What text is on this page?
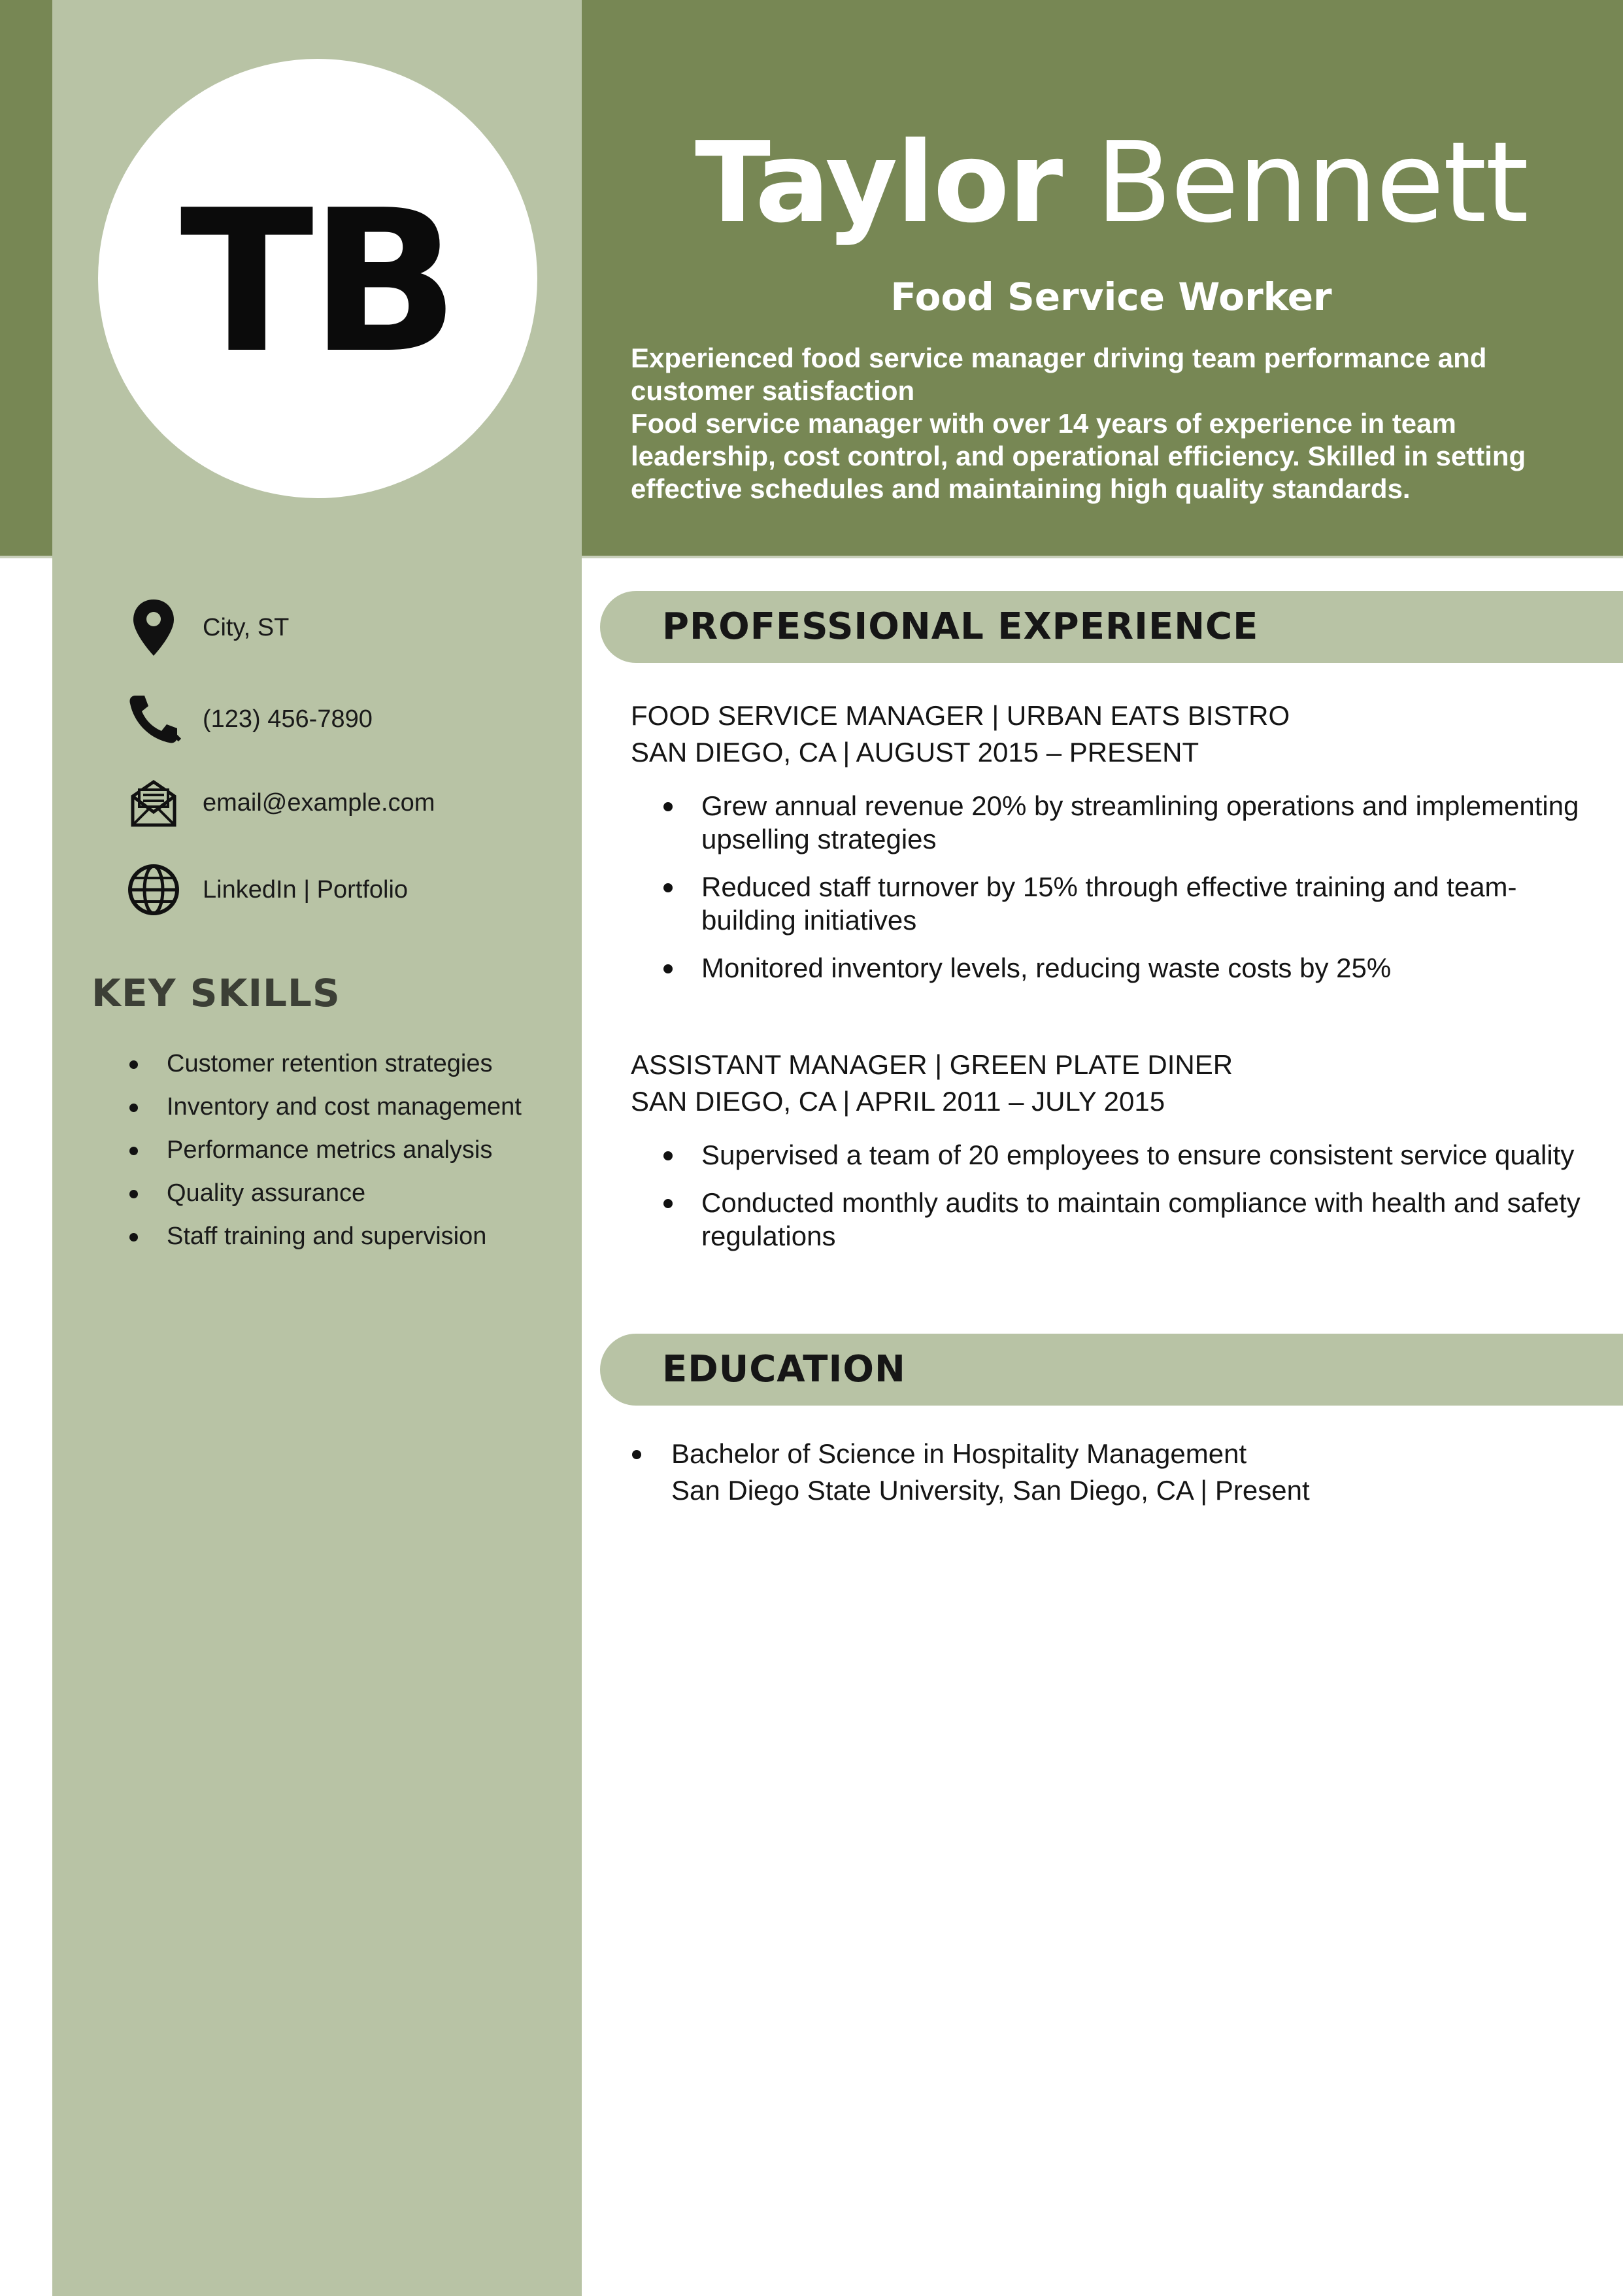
TB	Taylor Bennett
Food Service Worker
Experienced food service manager driving team performance and customer satisfaction
Food service manager with over 14 years of experience in team leadership, cost control, and operational efficiency. Skilled in setting effective schedules and maintaining high quality standards.
City, ST
(123) 456-7890
email@example.com
LinkedIn | Portfolio
KEY SKILLS
Customer retention strategies
Inventory and cost management
Performance metrics analysis
Quality assurance
Staff training and supervision
PROFESSIONAL EXPERIENCE
FOOD SERVICE MANAGER | URBAN EATS BISTRO
SAN DIEGO, CA | AUGUST 2015 – PRESENT
Grew annual revenue 20% by streamlining operations and implementing upselling strategies
Reduced staff turnover by 15% through effective training and team-building initiatives
Monitored inventory levels, reducing waste costs by 25%
ASSISTANT MANAGER | GREEN PLATE DINER
SAN DIEGO, CA | APRIL 2011 – JULY 2015
Supervised a team of 20 employees to ensure consistent service quality
Conducted monthly audits to maintain compliance with health and safety regulations
EDUCATION
Bachelor of Science in Hospitality Management
San Diego State University, San Diego, CA | Present
